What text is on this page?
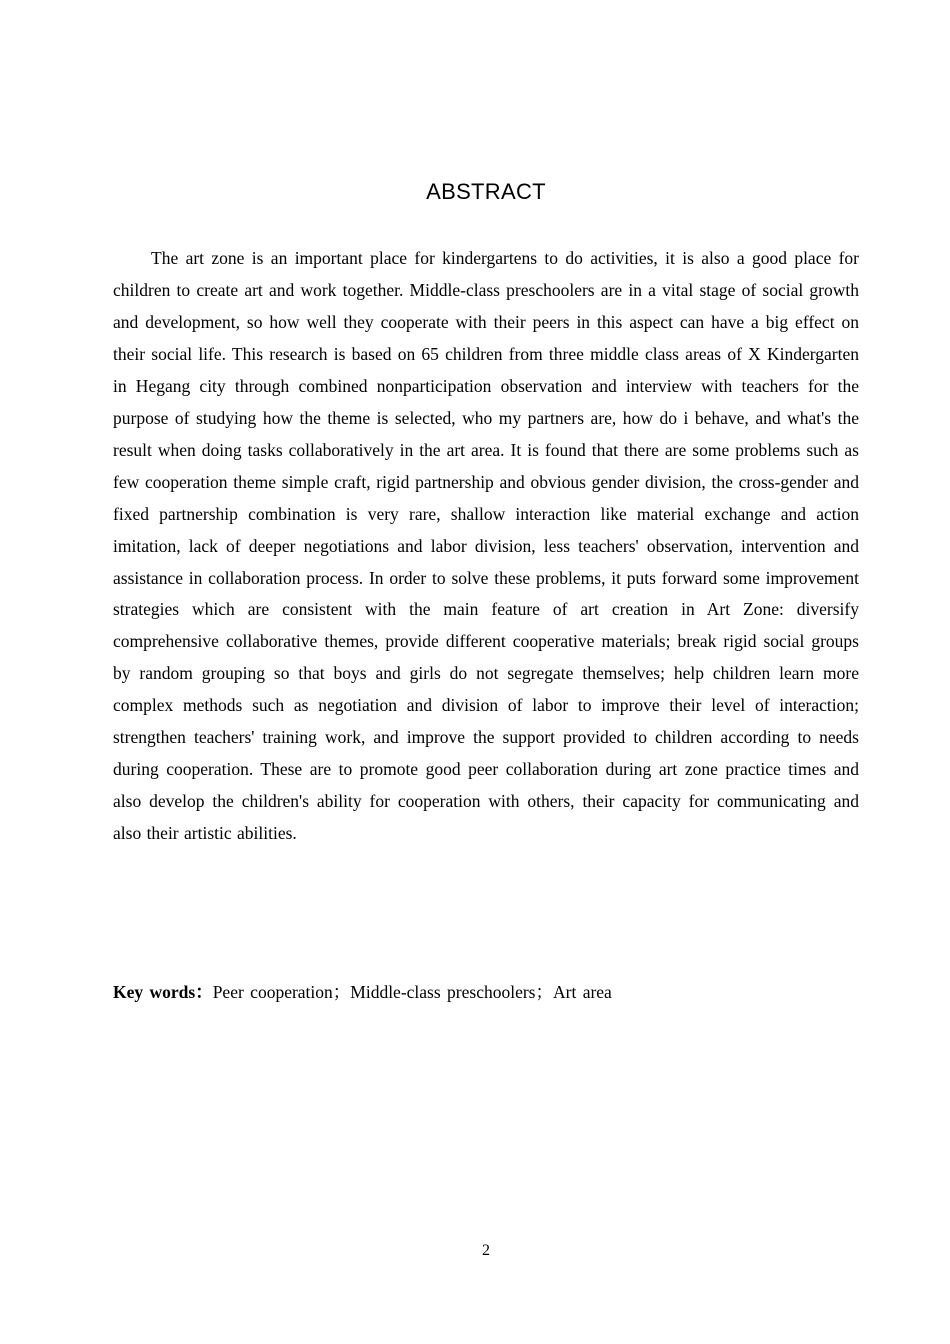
ABSTRACT

The art zone is an important place for kindergartens to do activities, it is also a good place for children to create art and work together. Middle-class preschoolers are in a vital stage of social growth and development, so how well they cooperate with their peers in this aspect can have a big effect on their social life. This research is based on 65 children from three middle class areas of X Kindergarten in Hegang city through combined nonparticipation observation and interview with teachers for the purpose of studying how the theme is selected, who my partners are, how do i behave, and what's the result when doing tasks collaboratively in the art area. It is found that there are some problems such as few cooperation theme simple craft, rigid partnership and obvious gender division, the cross-gender and fixed partnership combination is very rare, shallow interaction like material exchange and action imitation, lack of deeper negotiations and labor division, less teachers' observation, intervention and assistance in collaboration process. In order to solve these problems, it puts forward some improvement strategies which are consistent with the main feature of art creation in Art Zone: diversify comprehensive collaborative themes, provide different cooperative materials; break rigid social groups by random grouping so that boys and girls do not segregate themselves; help children learn more complex methods such as negotiation and division of labor to improve their level of interaction; strengthen teachers' training work, and improve the support provided to children according to needs during cooperation. These are to promote good peer collaboration during art zone practice times and also develop the children's ability for cooperation with others, their capacity for communicating and also their artistic abilities.

Key words：Peer cooperation；Middle-class preschoolers；Art area

2
